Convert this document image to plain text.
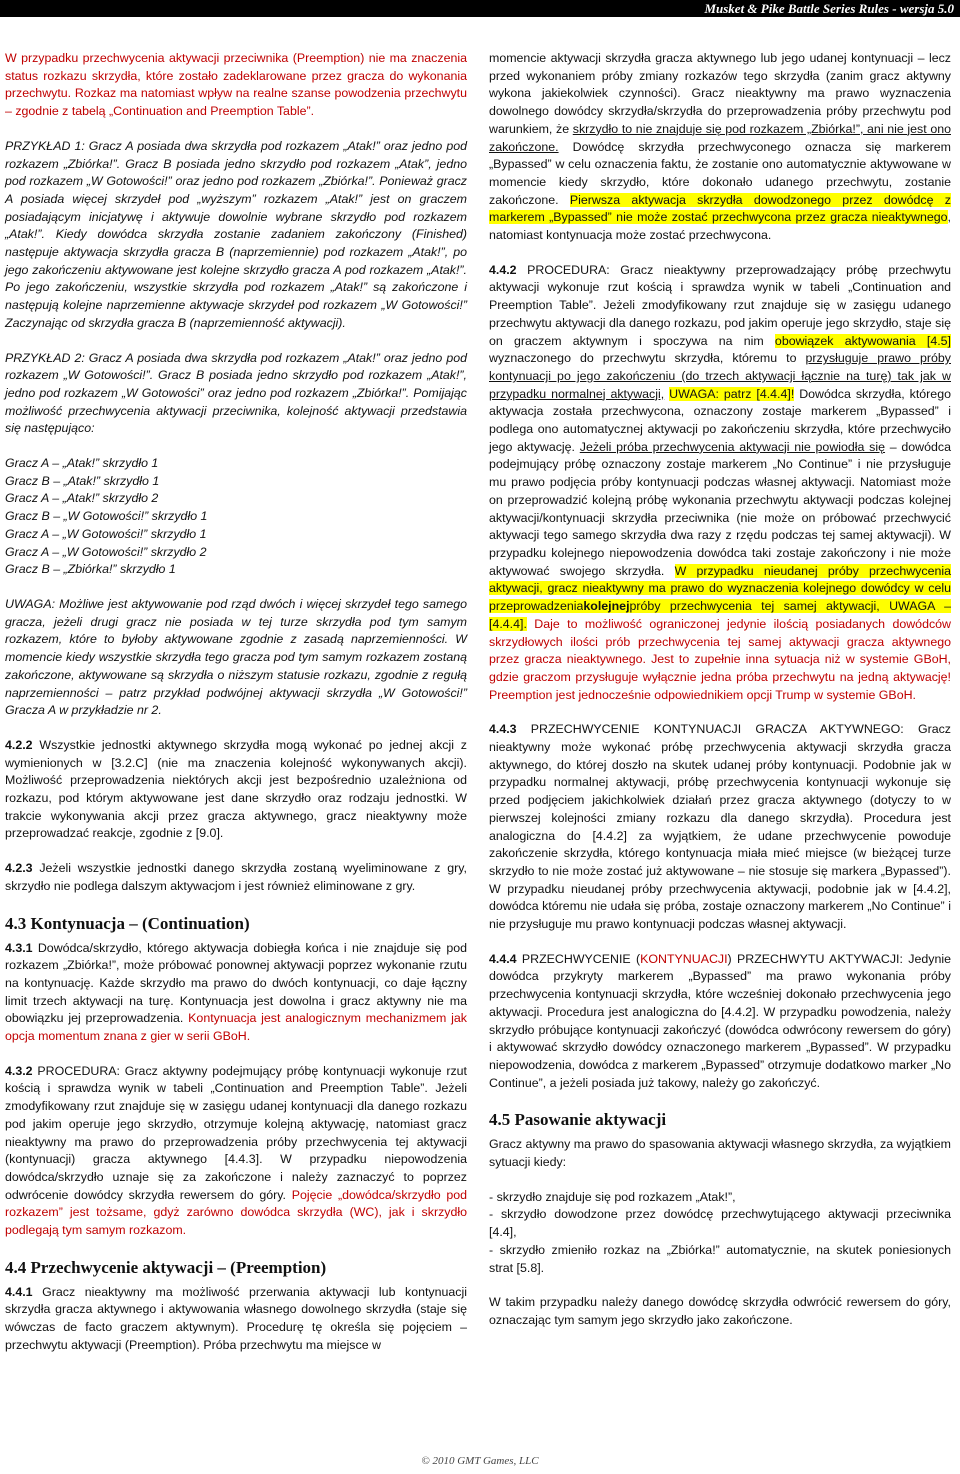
Musket & Pike Battle Series Rules - wersja 5.0

W przypadku przechwycenia aktywacji przeciwnika (Preemption) nie ma znaczenia status rozkazu skrzydła, które zostało zadeklarowane przez gracza do wykonania przechwytu. Rozkaz ma natomiast wpływ na realne szanse powodzenia przechwytu – zgodnie z tabelą „Continuation and Preemption Table”.

PRZYKŁAD 1: Gracz A posiada dwa skrzydła pod rozkazem „Atak!” oraz jedno pod rozkazem „Zbiórka!”. Gracz B posiada jedno skrzydło pod rozkazem „Atak”, jedno pod rozkazem „W Gotowości!” oraz jedno pod rozkazem „Zbiórka!”. Ponieważ gracz A posiada więcej skrzydeł pod „wyższym” rozkazem „Atak!” jest on graczem posiadającym inicjatywę i aktywuje dowolnie wybrane skrzydło pod rozkazem „Atak!”. Kiedy dowódca skrzydła zostanie zadaniem zakończony (Finished) następuje aktywacja skrzydła gracza B (naprzemiennie) pod rozkazem „Atak!”, po jego zakończeniu aktywowane jest kolejne skrzydło gracza A pod rozkazem „Atak!”. Po jego zakończeniu, wszystkie skrzydła pod rozkazem „Atak!” są zakończone i następują kolejne naprzemienne aktywacje skrzydeł pod rozkazem „W Gotowości!” Zaczynając od skrzydła gracza B (naprzemienność aktywacji).

PRZYKŁAD 2: Gracz A posiada dwa skrzydła pod rozkazem „Atak!” oraz jedno pod rozkazem „W Gotowości!”. Gracz B posiada jedno skrzydło pod rozkazem „Atak!”, jedno pod rozkazem „W Gotowości” oraz jedno pod rozkazem „Zbiórka!”. Pomijając możliwość przechwycenia aktywacji przeciwnika, kolejność aktywacji przedstawia się następująco:

Gracz A – „Atak!” skrzydło 1

Gracz B – „Atak!” skrzydło 1

Gracz A – „Atak!” skrzydło 2

Gracz B – „W Gotowości!” skrzydło 1

Gracz A – „W Gotowości!” skrzydło 1

Gracz A – „W Gotowości!” skrzydło 2

Gracz B – „Zbiórka!” skrzydło 1

UWAGA: Możliwe jest aktywowanie pod rząd dwóch i więcej skrzydeł tego samego gracza, jeżeli drugi gracz nie posiada w tej turze skrzydła pod tym samym rozkazem, które to byłoby aktywowane zgodnie z zasadą naprzemienności. W momencie kiedy wszystkie skrzydła tego gracza pod tym samym rozkazem zostaną zakończone, aktywowane są skrzydła o niższym statusie rozkazu, zgodnie z regułą naprzemienności – patrz przykład podwójnej aktywacji skrzydła „W Gotowości!” Gracza A w przykładzie nr 2.

4.2.2 Wszystkie jednostki aktywnego skrzydła mogą wykonać po jednej akcji z wymienionych w [3.2.C] (nie ma znaczenia kolejność wykonywanych akcji). Możliwość przeprowadzenia niektórych akcji jest bezpośrednio uzależniona od rozkazu, pod którym aktywowane jest dane skrzydło oraz rodzaju jednostki. W trakcie wykonywania akcji przez gracza aktywnego, gracz nieaktywny może przeprowadzać reakcje, zgodnie z [9.0].

4.2.3 Jeżeli wszystkie jednostki danego skrzydła zostaną wyeliminowane z gry, skrzydło nie podlega dalszym aktywacjom i jest również eliminowane z gry.

4.3 Kontynuacja – (Continuation)

4.3.1 Dowódca/skrzydło, którego aktywacja dobiegła końca i nie znajduje się pod rozkazem „Zbiórka!”, może próbować ponownej aktywacji poprzez wykonanie rzutu na kontynuację. Każde skrzydło ma prawo do dwóch kontynuacji, co daje łączny limit trzech aktywacji na turę. Kontynuacja jest dowolna i gracz aktywny nie ma obowiązku jej przeprowadzenia. Kontynuacja jest analogicznym mechanizmem jak opcja momentum znana z gier w serii GBoH.

4.3.2 PROCEDURA: Gracz aktywny podejmujący próbę kontynuacji wykonuje rzut kością i sprawdza wynik w tabeli „Continuation and Preemption Table”. Jeżeli zmodyfikowany rzut znajduje się w zasięgu udanej kontynuacji dla danego rozkazu pod jakim operuje jego skrzydło, otrzymuje kolejną aktywację, natomiast gracz nieaktywny ma prawo do przeprowadzenia próby przechwycenia tej aktywacji (kontynuacji) gracza aktywnego [4.4.3]. W przypadku niepowodzenia dowódca/skrzydło uznaje się za zakończone i należy zaznaczyć to poprzez odwrócenie dowódcy skrzydła rewersem do góry. Pojęcie „dowódca/skrzydło pod rozkazem” jest tożsame, gdyż zarówno dowódca skrzydła (WC), jak i skrzydło podlegają tym samym rozkazom.

4.4 Przechwycenie aktywacji – (Preemption)

4.4.1 Gracz nieaktywny ma możliwość przerwania aktywacji lub kontynuacji skrzydła gracza aktywnego i aktywowania własnego dowolnego skrzydła (staje się wówczas de facto graczem aktywnym). Procedurę tę określa się pojęciem – przechwytu aktywacji (Preemption). Próba przechwytu ma miejsce w

momencie aktywacji skrzydła gracza aktywnego lub jego udanej kontynuacji – lecz przed wykonaniem próby zmiany rozkazów tego skrzydła (zanim gracz aktywny wykona jakiekolwiek czynności). Gracz nieaktywny ma prawo wyznaczenia dowolnego dowódcy skrzydła/skrzydła do przeprowadzenia próby przechwytu pod warunkiem, że skrzydło to nie znajduje się pod rozkazem „Zbiórka!”, ani nie jest ono zakończone. Dowódcę skrzydła przechwyconego oznacza się markerem „Bypassed” w celu oznaczenia faktu, że zostanie ono automatycznie aktywowane w momencie kiedy skrzydło, które dokonało udanego przechwytu, zostanie zakończone. Pierwsza aktywacja skrzydła dowodzonego przez dowódcę z markerem „Bypassed” nie może zostać przechwycona przez gracza nieaktywnego, natomiast kontynuacja może zostać przechwycona.

4.4.2 PROCEDURA: Gracz nieaktywny przeprowadzający próbę przechwytu aktywacji wykonuje rzut kością i sprawdza wynik w tabeli „Continuation and Preemption Table”. Jeżeli zmodyfikowany rzut znajduje się w zasięgu udanego przechwytu aktywacji dla danego rozkazu, pod jakim operuje jego skrzydło, staje się on graczem aktywnym i spoczywa na nim obowiązek aktywowania [4.5] wyznaczonego do przechwytu skrzydła, któremu to przysługuje prawo próby kontynuacji po jego zakończeniu (do trzech aktywacji łącznie na turę) tak jak w przypadku normalnej aktywacji, UWAGA: patrz [4.4.4]! Dowódca skrzydła, którego aktywacja została przechwycona, oznaczony zostaje markerem „Bypassed” i podlega ono automatycznej aktywacji po zakończeniu skrzydła, które przechwyciło jego aktywację. Jeżeli próba przechwycenia aktywacji nie powiodła się – dowódca podejmujący próbę oznaczony zostaje markerem „No Continue” i nie przysługuje mu prawo podjęcia próby kontynuacji podczas własnej aktywacji. Natomiast może on przeprowadzić kolejną próbę wykonania przechwytu aktywacji podczas kolejnej aktywacji/kontynuacji skrzydła przeciwnika (nie może on próbować przechwycić aktywacji tego samego skrzydła dwa razy z rzędu podczas tej samej aktywacji). W przypadku kolejnego niepowodzenia dowódca taki zostaje zakończony i nie może aktywować swojego skrzydła. W przypadku nieudanej próby przechwycenia aktywacji, gracz nieaktywny ma prawo do wyznaczenia kolejnego dowódcy w celu przeprowadzeniakolejnejpróby przechwycenia tej samej aktywacji, UWAGA – [4.4.4]. Daje to możliwość ograniczonej jedynie ilością posiadanych dowódców skrzydłowych ilości prób przechwycenia tej samej aktywacji gracza aktywnego przez gracza nieaktywnego. Jest to zupełnie inna sytuacja niż w systemie GBoH, gdzie graczom przysługuje wyłącznie jedna próba przechwytu na jedną aktywację! Preemption jest jednocześnie odpowiednikiem opcji Trump w systemie GBoH.

4.4.3 PRZECHWYCENIE KONTYNUACJI GRACZA AKTYWNEGO: Gracz nieaktywny może wykonać próbę przechwycenia aktywacji skrzydła gracza aktywnego, do której doszło na skutek udanej próby kontynuacji. Podobnie jak w przypadku normalnej aktywacji, próbę przechwycenia kontynuacji wykonuje się przed podjęciem jakichkolwiek działań przez gracza aktywnego (dotyczy to w pierwszej kolejności zmiany rozkazu dla danego skrzydła). Procedura jest analogiczna do [4.4.2] za wyjątkiem, że udane przechwycenie powoduje zakończenie skrzydła, którego kontynuacja miała mieć miejsce (w bieżącej turze skrzydło to nie może zostać już aktywowane – nie stosuje się markera „Bypassed”). W przypadku nieudanej próby przechwycenia aktywacji, podobnie jak w [4.4.2], dowódca któremu nie udała się próba, zostaje oznaczony markerem „No Continue” i nie przysługuje mu prawo kontynuacji podczas własnej aktywacji.

4.4.4 PRZECHWYCENIE (KONTYNUACJI) PRZECHWYTU AKTYWACJI: Jedynie dowódca przykryty markerem „Bypassed” ma prawo wykonania próby przechwycenia kontynuacji skrzydła, które wcześniej dokonało przechwycenia jego aktywacji. Procedura jest analogiczna do [4.4.2]. W przypadku powodzenia, należy skrzydło próbujące kontynuacji zakończyć (dowódca odwrócony rewersem do góry) i aktywować skrzydło dowódcy oznaczonego markerem „Bypassed”. W przypadku niepowodzenia, dowódca z markerem „Bypassed” otrzymuje dodatkowo marker „No Continue”, a jeżeli posiada już takowy, należy go zakończyć.

4.5 Pasowanie aktywacji

Gracz aktywny ma prawo do spasowania aktywacji własnego skrzydła, za wyjątkiem sytuacji kiedy:

- skrzydło znajduje się pod rozkazem „Atak!”,

- skrzydło dowodzone przez dowódcę przechwytującego aktywacji przeciwnika [4.4],

- skrzydło zmieniło rozkaz na „Zbiórka!” automatycznie, na skutek poniesionych strat [5.8].

W takim przypadku należy danego dowódcę skrzydła odwrócić rewersem do góry, oznaczając tym samym jego skrzydło jako zakończone.

© 2010 GMT Games, LLC
